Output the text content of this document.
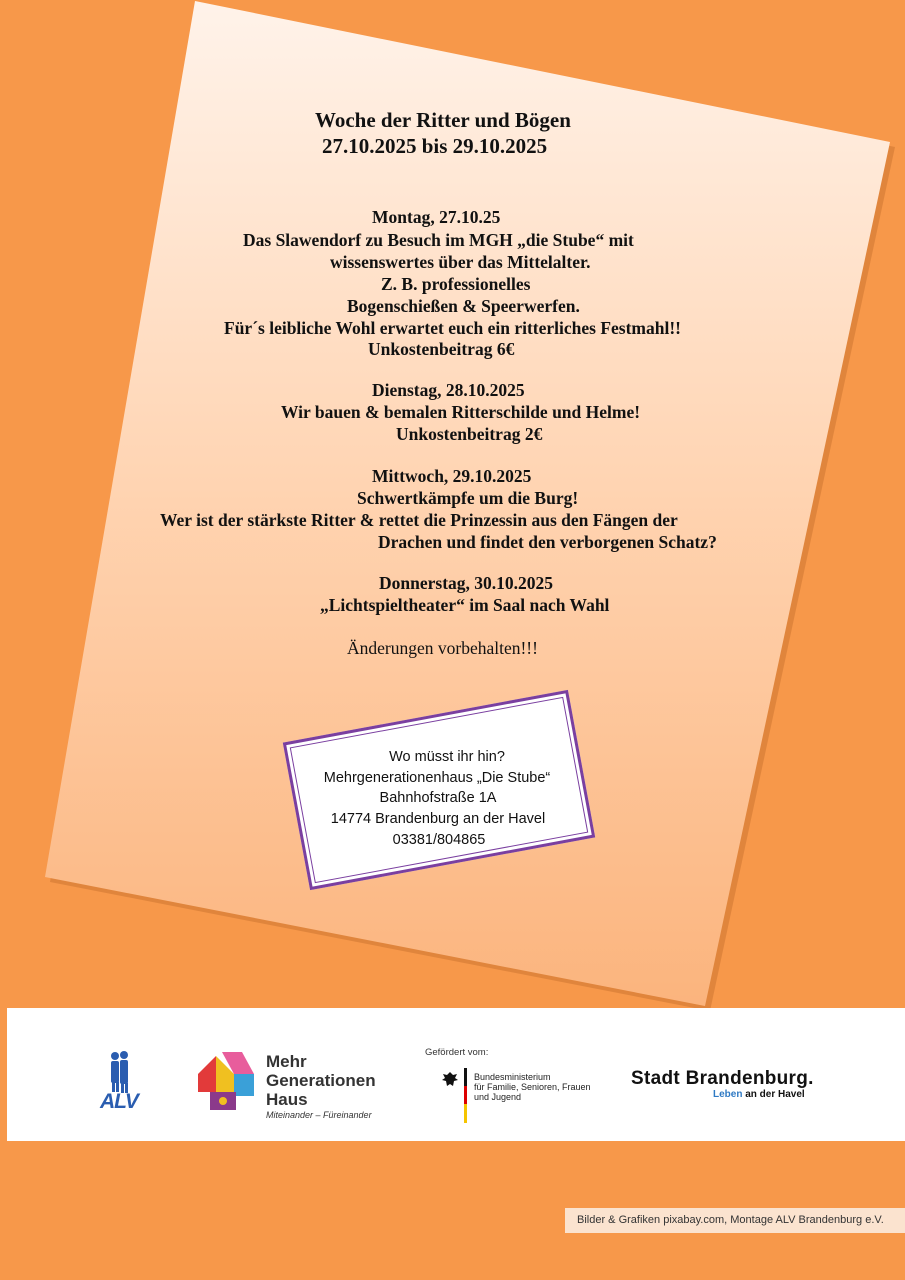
Woche der Ritter und Bögen
27.10.2025 bis 29.10.2025
Montag, 27.10.25
Das Slawendorf zu Besuch im MGH „die Stube“ mit
wissenswertes über das Mittelalter.
Z. B. professionelles
Bogenschießen & Speerwerfen.
Für´s leibliche Wohl erwartet euch ein ritterliches Festmahl!!
Unkostenbeitrag 6€
Dienstag, 28.10.2025
Wir bauen & bemalen Ritterschilde und Helme!
Unkostenbeitrag 2€
Mittwoch, 29.10.2025
Schwertkämpfe um die Burg!
Wer ist der stärkste Ritter & rettet die Prinzessin aus den Fängen der
Drachen und findet den verborgenen Schatz?
Donnerstag, 30.10.2025
„Lichtspieltheater“ im Saal nach Wahl
Änderungen vorbehalten!!!
Wo müsst ihr hin?
Mehrgenerationenhaus „Die Stube“
Bahnhofstraße 1A
14774 Brandenburg an der Havel
03381/804865
ALV
Mehr
Generationen
Haus
Miteinander – Füreinander
Gefördert vom:
Bundesministerium
für Familie, Senioren, Frauen
und Jugend
Stadt Brandenburg.
Leben an der Havel
Bilder & Grafiken pixabay.com, Montage ALV Brandenburg e.V.
